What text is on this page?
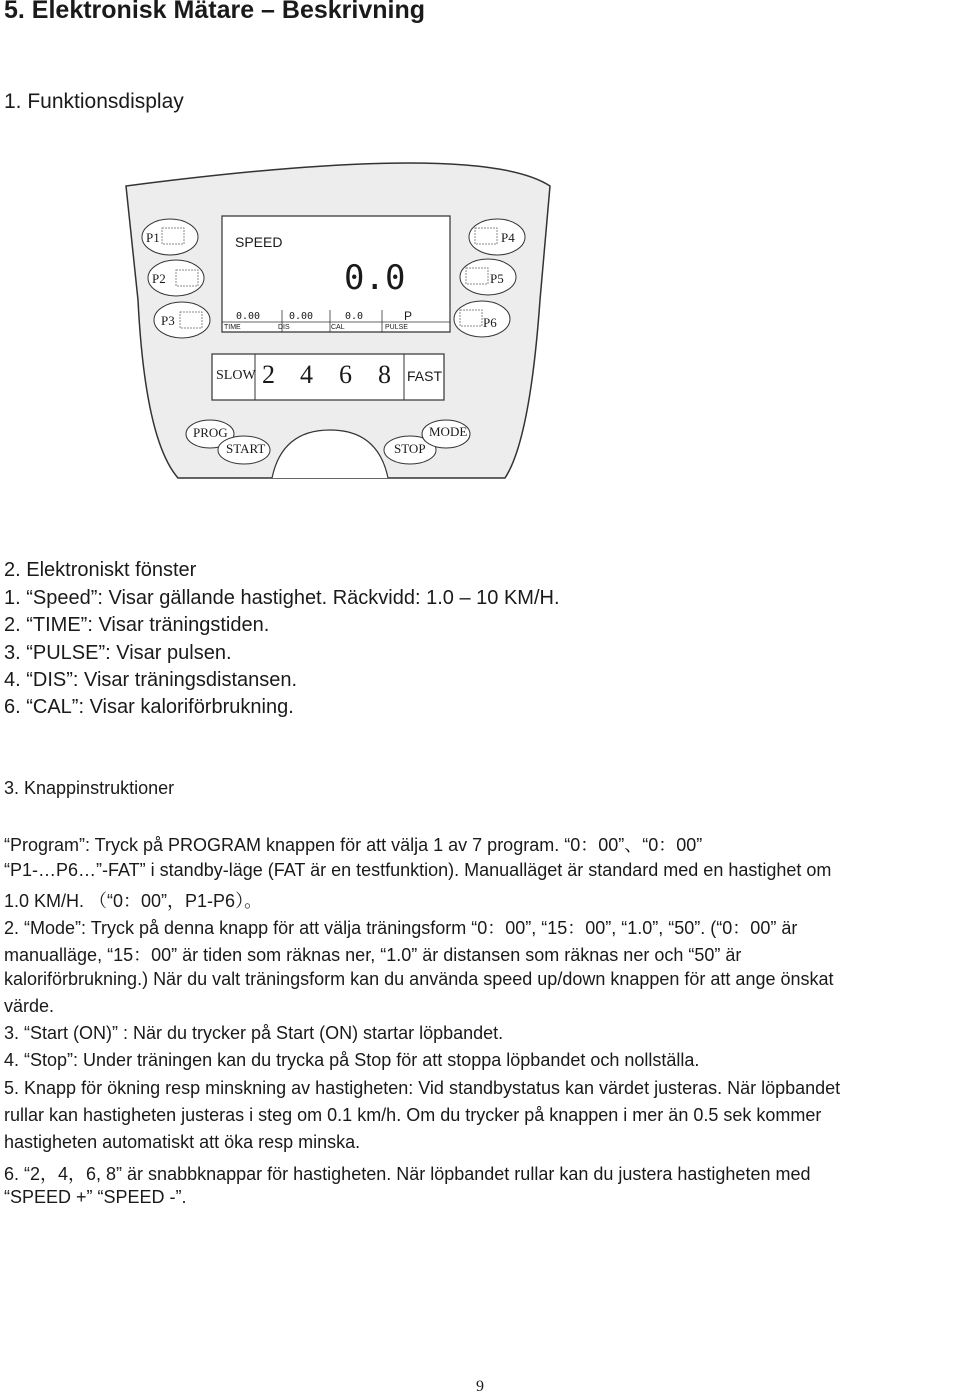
5. Elektronisk Mätare – Beskrivning
1. Funktionsdisplay
P1
P2
P3
P4
P5
P6
SPEED
0.0
0.00	0.00	0.0	P
TIME	DIS	CAL	PULSE
SLOW 2 4 6 8 FAST
PROG
START	STOP
MODE
2. Elektroniskt fönster
1. “Speed”: Visar gällande hastighet. Räckvidd: 1.0 – 10 KM/H.
2. “TIME”: Visar träningstiden.
3. “PULSE”: Visar pulsen.
4. “DIS”: Visar träningsdistansen.
6. “CAL”: Visar kaloriförbrukning.
3. Knappinstruktioner
“Program”: Tryck på PROGRAM knappen för att välja 1 av 7 program. “0：00”、“0：00”
“P1-…P6…”-FAT” i standby-läge (FAT är en testfunktion). Manualläget är standard med en hastighet om
1.0 KM/H. （“0：00”，P1-P6）。
2. “Mode”: Tryck på denna knapp för att välja träningsform “0：00”, “15：00”, “1.0”, “50”. (“0：00” är
manualläge, “15：00” är tiden som räknas ner, “1.0” är distansen som räknas ner och “50” är
kaloriförbrukning.) När du valt träningsform kan du använda speed up/down knappen för att ange önskat
värde.
3. “Start (ON)” : När du trycker på Start (ON) startar löpbandet.
4. “Stop”: Under träningen kan du trycka på Stop för att stoppa löpbandet och nollställa.
5. Knapp för ökning resp minskning av hastigheten: Vid standbystatus kan värdet justeras. När löpbandet
rullar kan hastigheten justeras i steg om 0.1 km/h. Om du trycker på knappen i mer än 0.5 sek kommer
hastigheten automatiskt att öka resp minska.
6. “2，4，6, 8” är snabbknappar för hastigheten. När löpbandet rullar kan du justera hastigheten med
“SPEED +” “SPEED -”.
9
